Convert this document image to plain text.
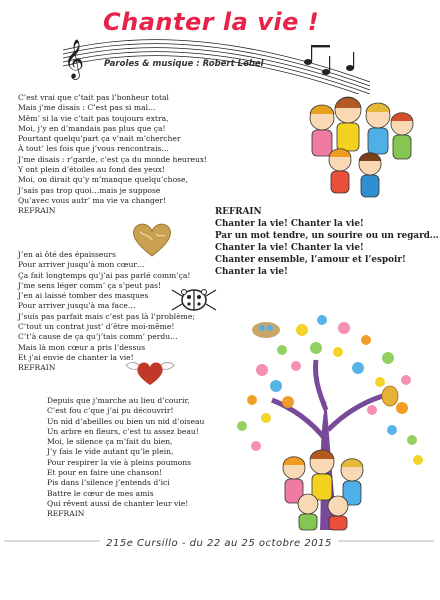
𝄞
Chanter la vie !
Paroles & musique : Robert Lebel
C’est vrai que c’tait pas l’bonheur total
Mais j’me disais : C’est pas si mal…
Mêm’ si la vie c’tait pas toujours extra,
Moi, j’y en d’mandais pas plus que ça!
Pourtant quelqu’part ça v’nait m’chercher
À tout’ les fois que j’vous rencontrais…
J’me disais : r’garde, c’est ça du monde heureux!
Y ont plein d’étoiles au fond des yeux!
Moi, on dirait qu’y m’manque quelqu’chose,
J’sais pas trop quoi…mais je suppose
Qu’avec vous autr’ ma vie va changer!
REFRAIN	REFRAIN
Chanter la vie! Chanter la vie!
Par un mot tendre, un sourire ou un regard…
Chanter la vie! Chanter la vie!
Chanter ensemble, l’amour et l’espoir!
Chanter la vie!
J’en ai ôté des épaisseurs
Pour arriver jusqu’à mon cœur…
Ça fait longtemps qu’j’ai pas parlé comm’ça!
J’me sens léger comm’ ça s’peut pas!
J’en ai laissé tomber des masques
Pour arriver jusqu’à ma face…
J’suis pas parfait mais c’est pas là l’problème;
C’tout un contrat just’ d’être moi-même!
C’t’à cause de ça qu’j’tais comm’ perdu…
Mais là mon cœur a pris l’dessus
Et j’ai envie de chanter la vie!
REFRAIN
Depuis que j’marche au lieu d’courir,
C’est fou c’que j’ai pu découvrir!
Un nid d’abeilles ou bien un nid d’oiseau
Un arbre en fleurs, c’est tu assez beau!
Moi, le silence ça m’fait du bien,
J’y fais le vide autant qu’le plein,
Pour respirer la vie à pleins poumons
Et pour en faire une chanson!
Pis dans l’silence j’entends d’ici
Battre le cœur de mes amis
Qui rêvent aussi de chanter leur vie!
REFRAIN
215e Cursillo - du 22 au 25 octobre 2015
